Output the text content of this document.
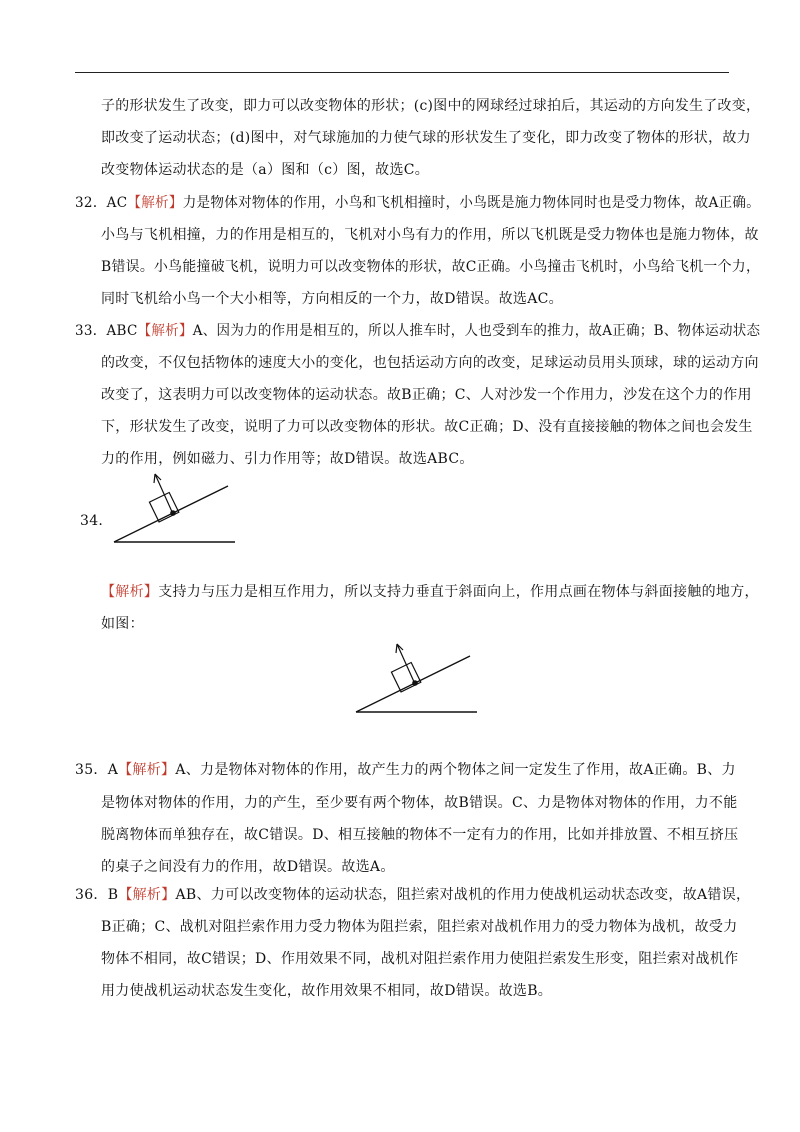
子的形状发生了改变，即力可以改变物体的形状；(c)图中的网球经过球拍后，其运动的方向发生了改变，
即改变了运动状态；(d)图中，对气球施加的力使气球的形状发生了变化，即力改变了物体的形状，故力
改变物体运动状态的是（a）图和（c）图，故选C。
32．AC【解析】力是物体对物体的作用，小鸟和飞机相撞时，小鸟既是施力物体同时也是受力物体，故A正确。
小鸟与飞机相撞，力的作用是相互的，飞机对小鸟有力的作用，所以飞机既是受力物体也是施力物体，故
B错误。小鸟能撞破飞机，说明力可以改变物体的形状，故C正确。小鸟撞击飞机时，小鸟给飞机一个力，
同时飞机给小鸟一个大小相等，方向相反的一个力，故D错误。故选AC。
33．ABC【解析】A、因为力的作用是相互的，所以人推车时，人也受到车的推力，故A正确；B、物体运动状态
的改变，不仅包括物体的速度大小的变化，也包括运动方向的改变，足球运动员用头顶球，球的运动方向
改变了，这表明力可以改变物体的运动状态。故B正确；C、人对沙发一个作用力，沙发在这个力的作用
下，形状发生了改变，说明了力可以改变物体的形状。故C正确；D、没有直接接触的物体之间也会发生
力的作用，例如磁力、引力作用等；故D错误。故选ABC。
34.
【解析】支持力与压力是相互作用力，所以支持力垂直于斜面向上，作用点画在物体与斜面接触的地方，
如图：
35．A【解析】A、力是物体对物体的作用，故产生力的两个物体之间一定发生了作用，故A正确。B、力
是物体对物体的作用，力的产生，至少要有两个物体，故B错误。C、力是物体对物体的作用，力不能
脱离物体而单独存在，故C错误。D、相互接触的物体不一定有力的作用，比如并排放置、不相互挤压
的桌子之间没有力的作用，故D错误。故选A。
36．B【解析】AB、力可以改变物体的运动状态，阻拦索对战机的作用力使战机运动状态改变，故A错误，
B正确；C、战机对阻拦索作用力受力物体为阻拦索，阻拦索对战机作用力的受力物体为战机，故受力
物体不相同，故C错误；D、作用效果不同，战机对阻拦索作用力使阻拦索发生形变，阻拦索对战机作
用力使战机运动状态发生变化，故作用效果不相同，故D错误。故选B。
